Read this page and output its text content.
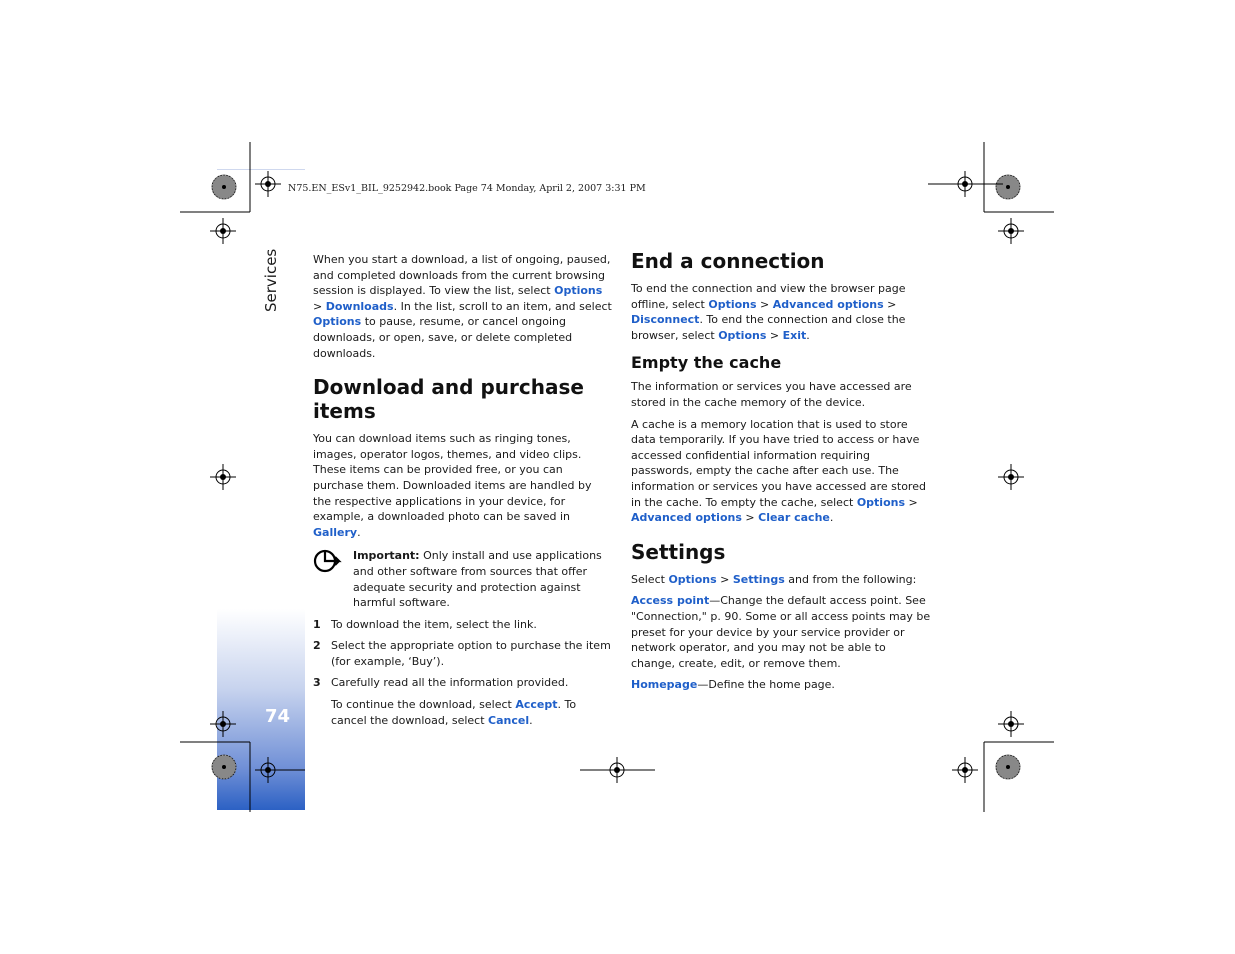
Services
74
N75.EN_ESv1_BIL_9252942.book Page 74 Monday, April 2, 2007 3:31 PM

When you start a download, a list of ongoing, paused, and completed downloads from the current browsing session is displayed. To view the list, select Options > Downloads. In the list, scroll to an item, and select Options to pause, resume, or cancel ongoing downloads, or open, save, or delete completed downloads.

Download and purchase items

You can download items such as ringing tones, images, operator logos, themes, and video clips. These items can be provided free, or you can purchase them. Downloaded items are handled by the respective applications in your device, for example, a downloaded photo can be saved in Gallery.

Important: Only install and use applications and other software from sources that offer adequate security and protection against harmful software.
1 To download the item, select the link.
2 Select the appropriate option to purchase the item (for example, ‘Buy’).
3 Carefully read all the information provided.

To continue the download, select Accept. To cancel the download, select Cancel.

End a connection

To end the connection and view the browser page offline, select Options > Advanced options > Disconnect. To end the connection and close the browser, select Options > Exit.

Empty the cache

The information or services you have accessed are stored in the cache memory of the device.

A cache is a memory location that is used to store data temporarily. If you have tried to access or have accessed confidential information requiring passwords, empty the cache after each use. The information or services you have accessed are stored in the cache. To empty the cache, select Options > Advanced options > Clear cache.

Settings

Select Options > Settings and from the following:

Access point—Change the default access point. See "Connection," p. 90. Some or all access points may be preset for your device by your service provider or network operator, and you may not be able to change, create, edit, or remove them.

Homepage—Define the home page.
